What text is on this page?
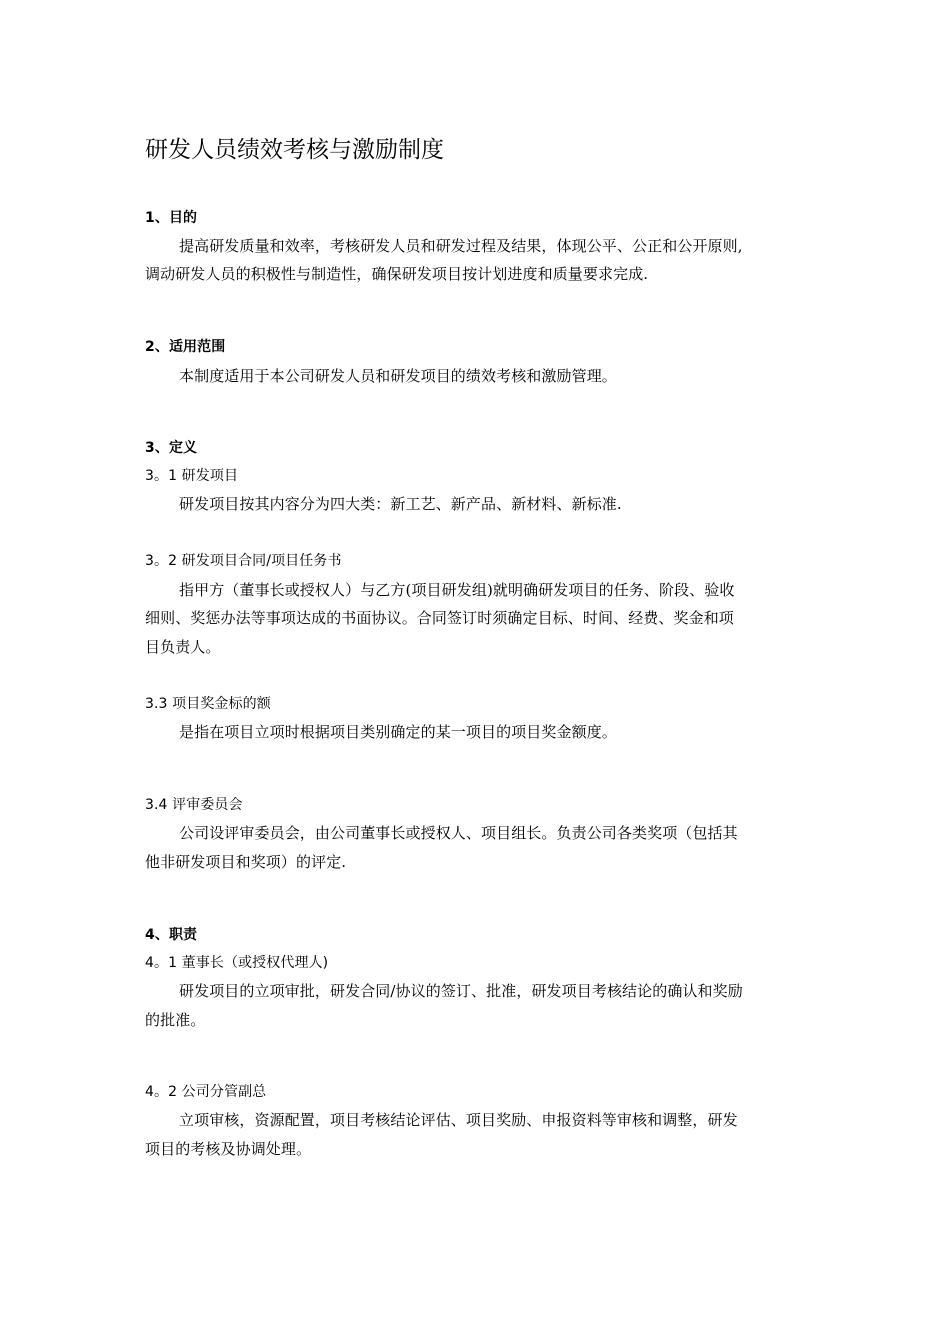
研发人员绩效考核与激励制度
1、目的
提高研发质量和效率，考核研发人员和研发过程及结果，体现公平、公正和公开原则,
调动研发人员的积极性与制造性，确保研发项目按计划进度和质量要求完成.
2、适用范围
本制度适用于本公司研发人员和研发项目的绩效考核和激励管理。
3、定义
3。1 研发项目
研发项目按其内容分为四大类：新工艺、新产品、新材料、新标准.
3。2 研发项目合同/项目任务书
指甲方（董事长或授权人）与乙方(项目研发组)就明确研发项目的任务、阶段、验收
细则、奖惩办法等事项达成的书面协议。合同签订时须确定目标、时间、经费、奖金和项
目负责人。
3.3 项目奖金标的额
是指在项目立项时根据项目类别确定的某一项目的项目奖金额度。
3.4 评审委员会
公司设评审委员会，由公司董事长或授权人、项目组长。负责公司各类奖项（包括其
他非研发项目和奖项）的评定.
4、职责
4。1 董事长（或授权代理人)
研发项目的立项审批，研发合同/协议的签订、批准，研发项目考核结论的确认和奖励
的批准。
4。2 公司分管副总
立项审核，资源配置，项目考核结论评估、项目奖励、申报资料等审核和调整，研发
项目的考核及协调处理。
